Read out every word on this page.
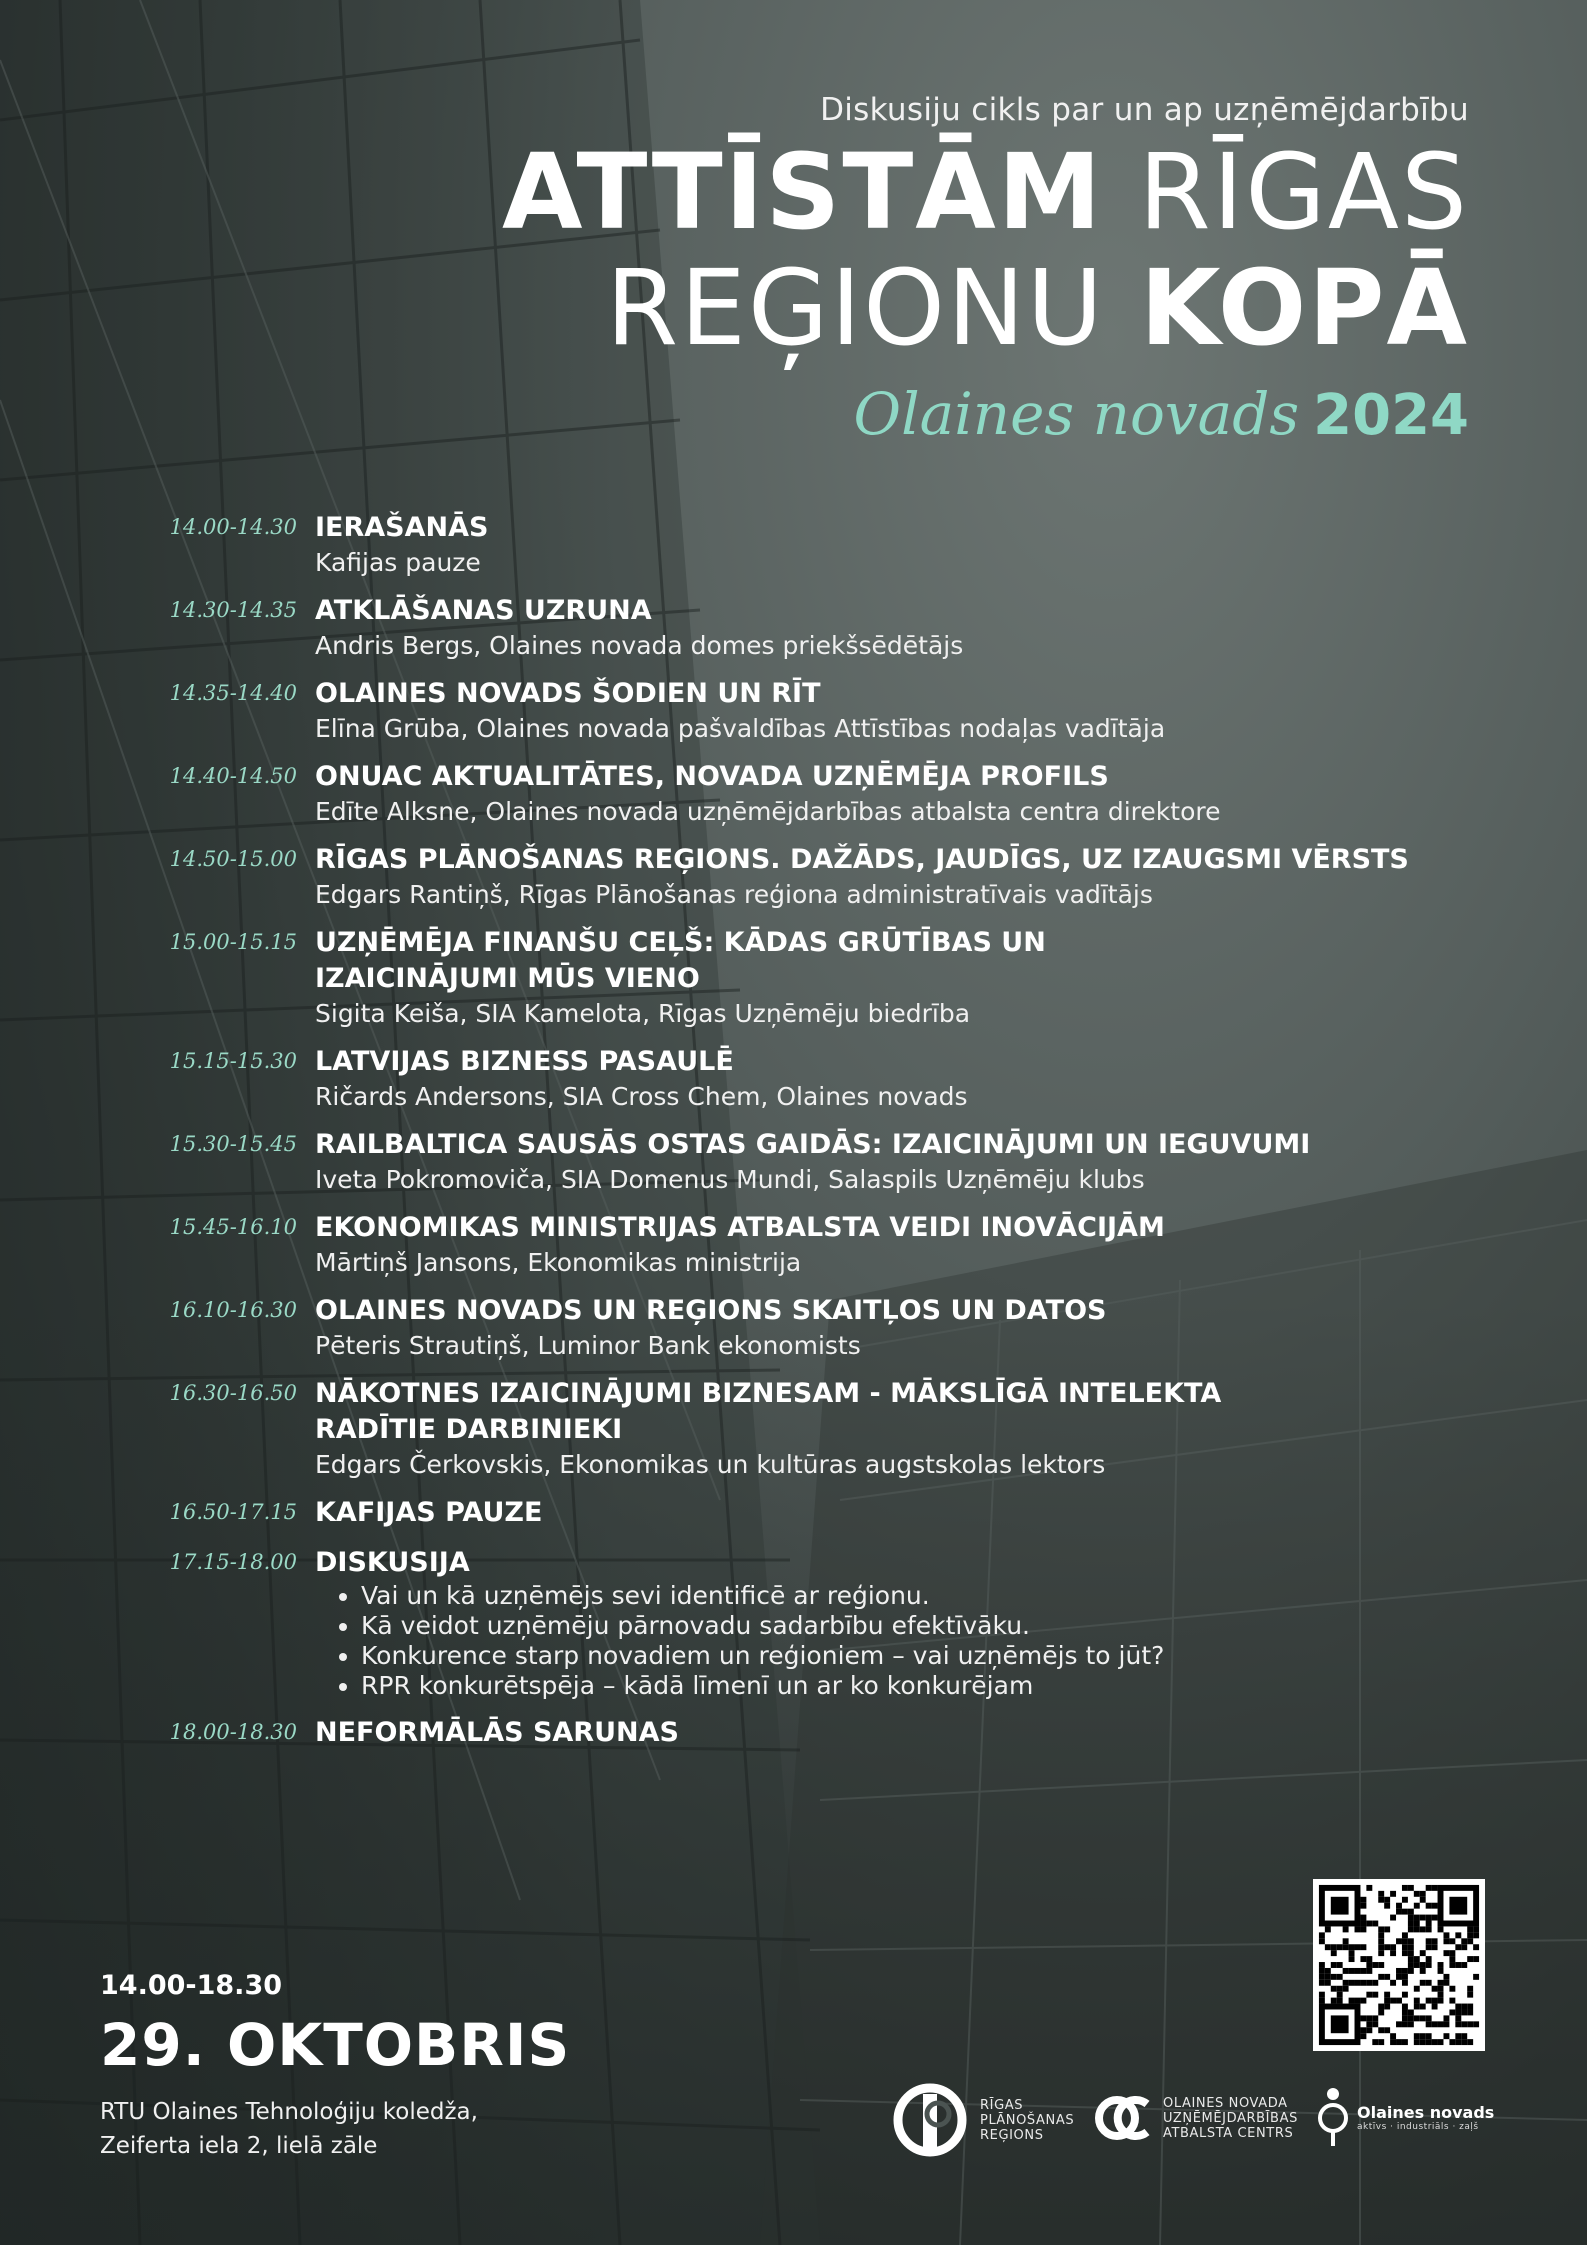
Diskusiju cikls par un ap uzņēmējdarbību
ATTĪSTĀM RĪGAS
REĢIONU KOPĀ
Olaines novads 2024
14.00-14.30 IERAŠANĀS
Kafijas pauze
14.30-14.35 ATKLĀŠANAS UZRUNA
Andris Bergs, Olaines novada domes priekšsēdētājs
14.35-14.40 OLAINES NOVADS ŠODIEN UN RĪT
Elīna Grūba, Olaines novada pašvaldības Attīstības nodaļas vadītāja
14.40-14.50 ONUAC AKTUALITĀTES, NOVADA UZŅĒMĒJA PROFILS
Edīte Alksne, Olaines novada uzņēmējdarbības atbalsta centra direktore
14.50-15.00 RĪGAS PLĀNOŠANAS REĢIONS. DAŽĀDS, JAUDĪGS, UZ IZAUGSMI VĒRSTS
Edgars Rantiņš, Rīgas Plānošanas reģiona administratīvais vadītājs
15.00-15.15 UZŅĒMĒJA FINANŠU CEĻŠ: KĀDAS GRŪTĪBAS UN
IZAICINĀJUMI MŪS VIENO
Sigita Keiša, SIA Kamelota, Rīgas Uzņēmēju biedrība
15.15-15.30 LATVIJAS BIZNESS PASAULĒ
Ričards Andersons, SIA Cross Chem, Olaines novads
15.30-15.45 RAILBALTICA SAUSĀS OSTAS GAIDĀS: IZAICINĀJUMI UN IEGUVUMI
Iveta Pokromoviča, SIA Domenus Mundi, Salaspils Uzņēmēju klubs
15.45-16.10 EKONOMIKAS MINISTRIJAS ATBALSTA VEIDI INOVĀCIJĀM
Mārtiņš Jansons, Ekonomikas ministrija
16.10-16.30 OLAINES NOVADS UN REĢIONS SKAITĻOS UN DATOS
Pēteris Strautiņš, Luminor Bank ekonomists
16.30-16.50 NĀKOTNES IZAICINĀJUMI BIZNESAM - MĀKSLĪGĀ INTELEKTA
RADĪTIE DARBINIEKI
Edgars Čerkovskis, Ekonomikas un kultūras augstskolas lektors
16.50-17.15 KAFIJAS PAUZE
17.15-18.00 DISKUSIJA
• Vai un kā uzņēmējs sevi identificē ar reģionu.
• Kā veidot uzņēmēju pārnovadu sadarbību efektīvāku.
• Konkurence starp novadiem un reģioniem – vai uzņēmējs to jūt?
• RPR konkurētspēja – kādā līmenī un ar ko konkurējam
18.00-18.30 NEFORMĀLĀS SARUNAS
14.00-18.30
29. OKTOBRIS
RTU Olaines Tehnoloģiju koledža,
Zeiferta iela 2, lielā zāle
RĪGAS
PLĀNOŠANAS
REĢIONS
OLAINES NOVADA
UZŅĒMĒJDARBĪBAS
ATBALSTA CENTRS
Olaines novads
aktīvs · industriāls · zaļš
